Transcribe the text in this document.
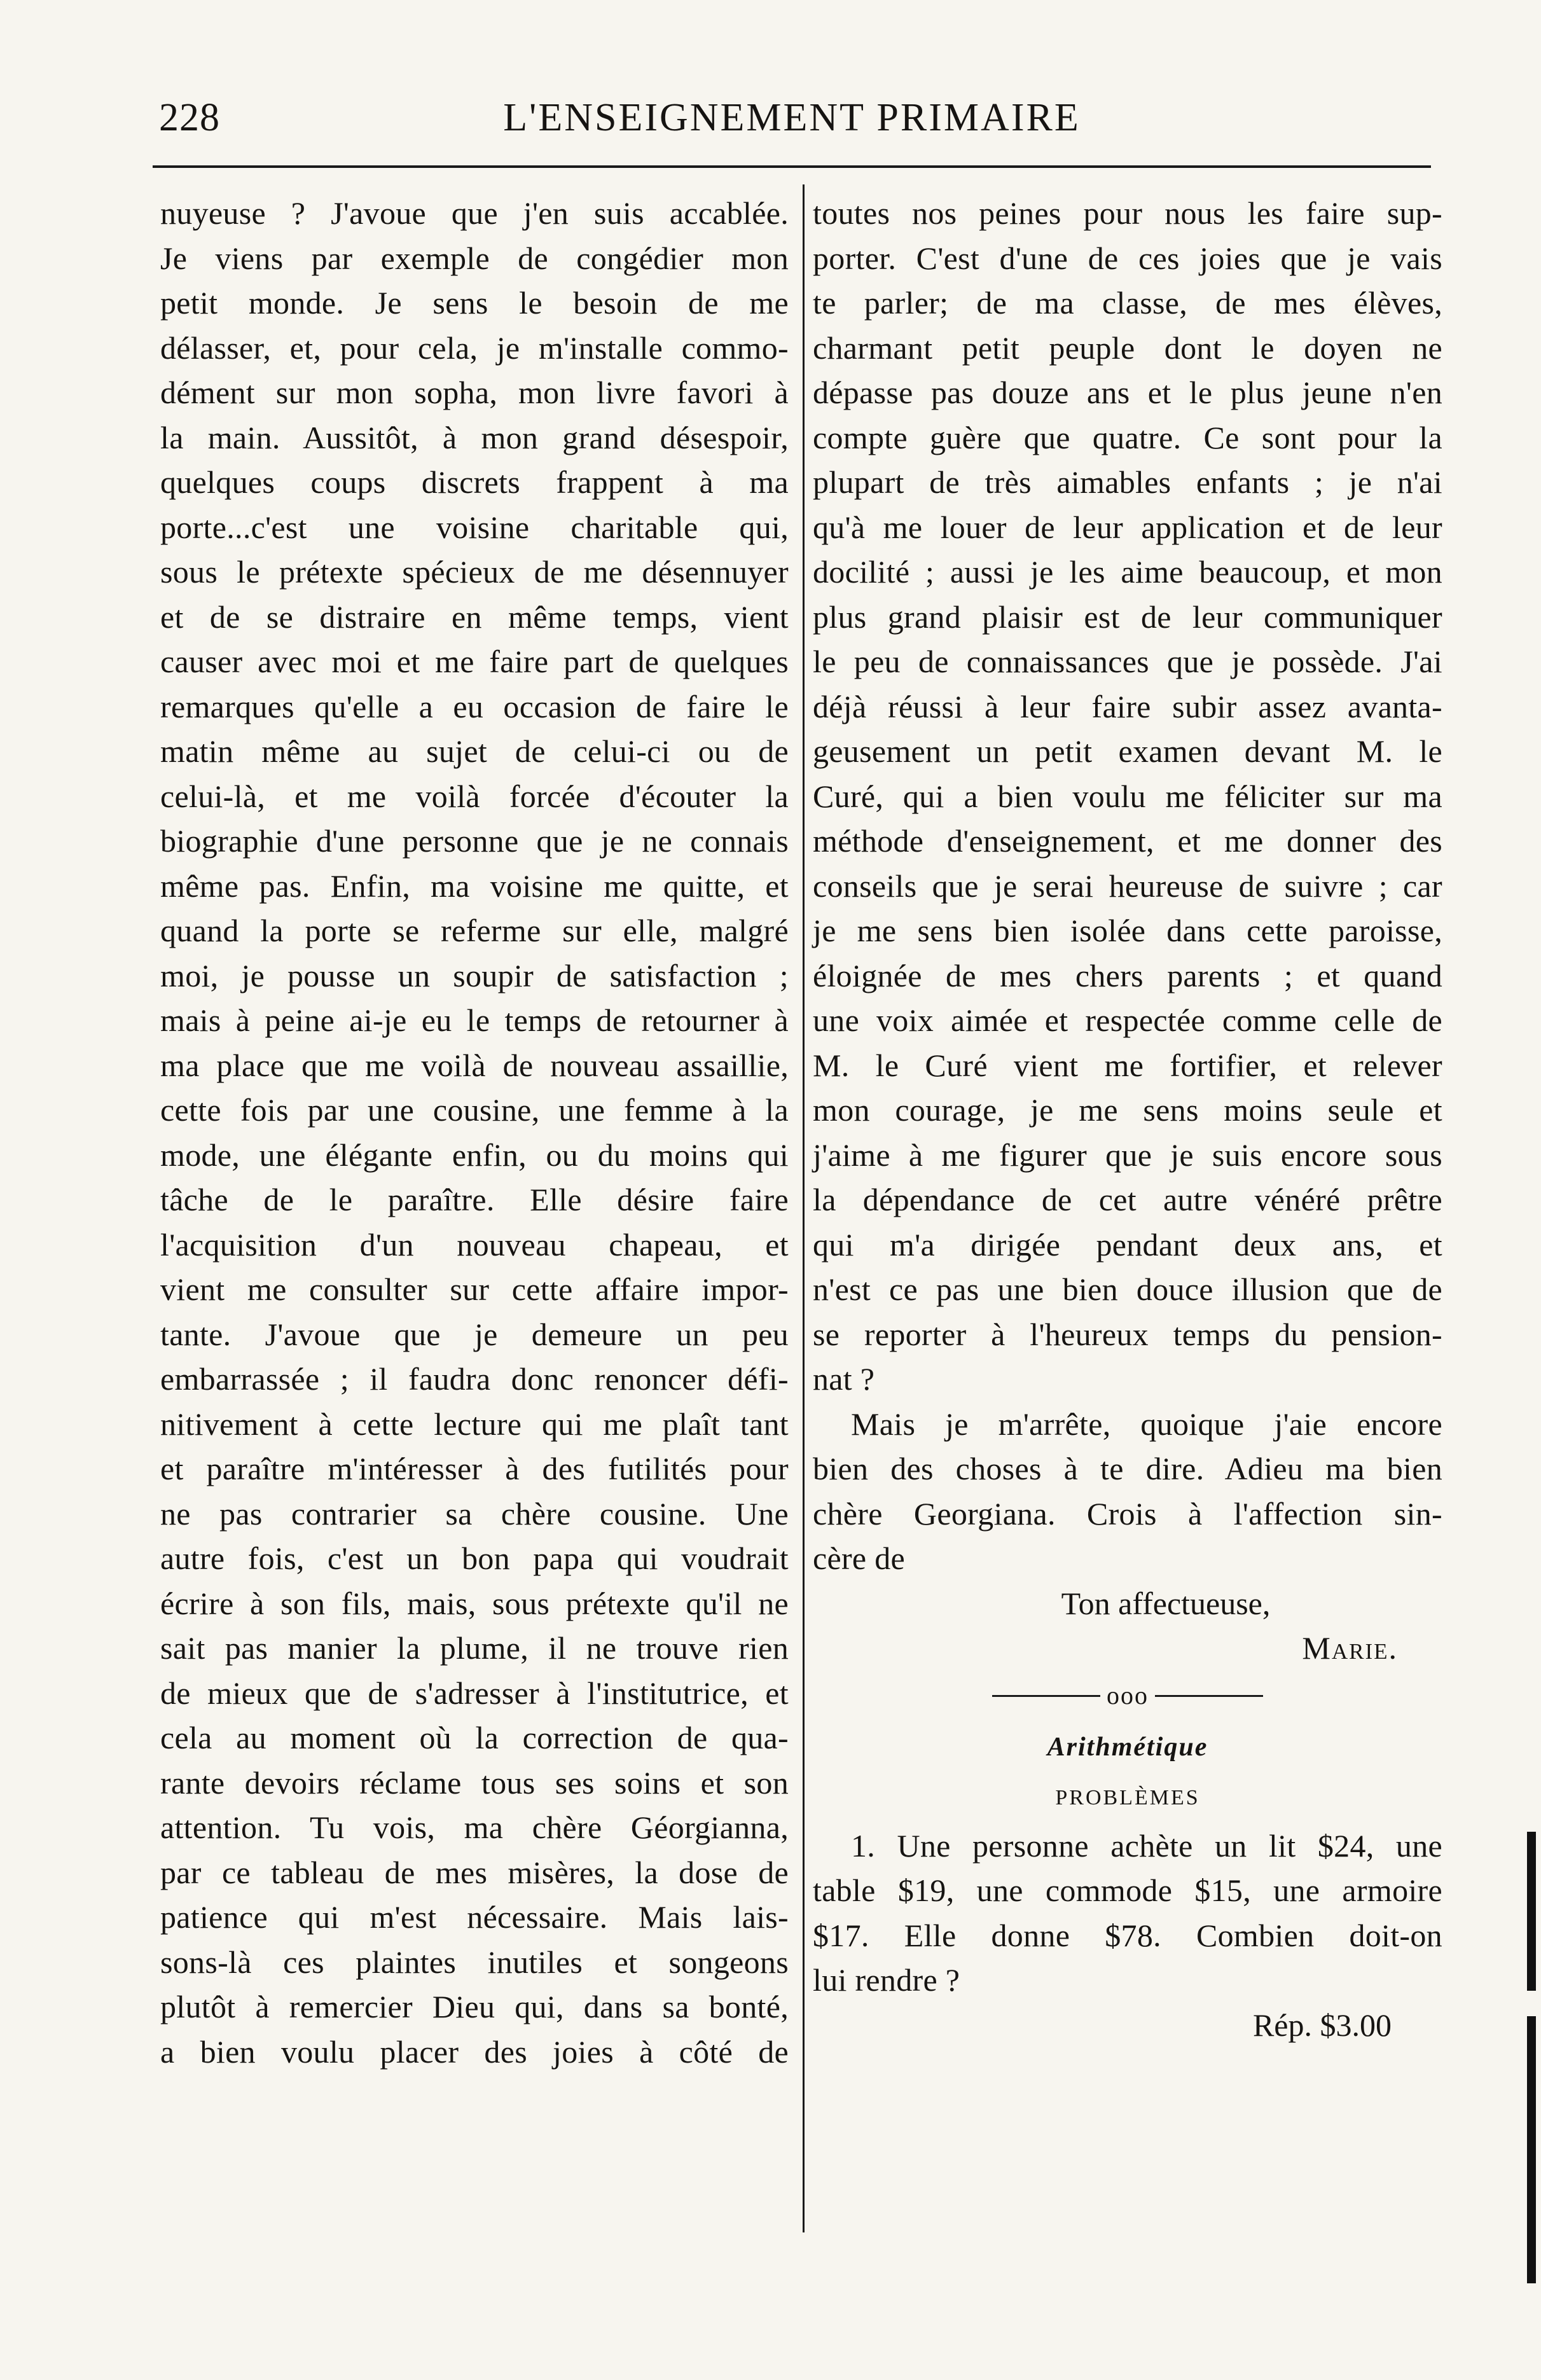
228	L'ENSEIGNEMENT PRIMAIRE
nuyeuse ? J'avoue que j'en suis accablée.
Je viens par exemple de congédier mon
petit monde. Je sens le besoin de me
délasser, et, pour cela, je m'installe commo-
dément sur mon sopha, mon livre favori à
la main. Aussitôt, à mon grand désespoir,
quelques coups discrets frappent à ma
porte...c'est une voisine charitable qui,
sous le prétexte spécieux de me désennuyer
et de se distraire en même temps, vient
causer avec moi et me faire part de quelques
remarques qu'elle a eu occasion de faire le
matin même au sujet de celui-ci ou de
celui-là, et me voilà forcée d'écouter la
biographie d'une personne que je ne connais
même pas. Enfin, ma voisine me quitte, et
quand la porte se referme sur elle, malgré
moi, je pousse un soupir de satisfaction ;
mais à peine ai-je eu le temps de retourner à
ma place que me voilà de nouveau assaillie,
cette fois par une cousine, une femme à la
mode, une élégante enfin, ou du moins qui
tâche de le paraître. Elle désire faire
l'acquisition d'un nouveau chapeau, et
vient me consulter sur cette affaire impor-
tante. J'avoue que je demeure un peu
embarrassée ; il faudra donc renoncer défi-
nitivement à cette lecture qui me plaît tant
et paraître m'intéresser à des futilités pour
ne pas contrarier sa chère cousine. Une
autre fois, c'est un bon papa qui voudrait
écrire à son fils, mais, sous prétexte qu'il ne
sait pas manier la plume, il ne trouve rien
de mieux que de s'adresser à l'institutrice, et
cela au moment où la correction de qua-
rante devoirs réclame tous ses soins et son
attention. Tu vois, ma chère Géorgianna,
par ce tableau de mes misères, la dose de
patience qui m'est nécessaire. Mais lais-
sons-là ces plaintes inutiles et songeons
plutôt à remercier Dieu qui, dans sa bonté,
a bien voulu placer des joies à côté de
toutes nos peines pour nous les faire sup-
porter. C'est d'une de ces joies que je vais
te parler; de ma classe, de mes élèves,
charmant petit peuple dont le doyen ne
dépasse pas douze ans et le plus jeune n'en
compte guère que quatre. Ce sont pour la
plupart de très aimables enfants ; je n'ai
qu'à me louer de leur application et de leur
docilité ; aussi je les aime beaucoup, et mon
plus grand plaisir est de leur communiquer
le peu de connaissances que je possède. J'ai
déjà réussi à leur faire subir assez avanta-
geusement un petit examen devant M. le
Curé, qui a bien voulu me féliciter sur ma
méthode d'enseignement, et me donner des
conseils que je serai heureuse de suivre ; car
je me sens bien isolée dans cette paroisse,
éloignée de mes chers parents ; et quand
une voix aimée et respectée comme celle de
M. le Curé vient me fortifier, et relever
mon courage, je me sens moins seule et
j'aime à me figurer que je suis encore sous
la dépendance de cet autre vénéré prêtre
qui m'a dirigée pendant deux ans, et
n'est ce pas une bien douce illusion que de
se reporter à l'heureux temps du pension-
nat ?
Mais je m'arrête, quoique j'aie encore
bien des choses à te dire. Adieu ma bien
chère Georgiana. Crois à l'affection sin-
cère de
Ton affectueuse,
Marie.
ooo
Arithmétique
PROBLÈMES
1. Une personne achète un lit $24, une
table $19, une commode $15, une armoire
$17. Elle donne $78. Combien doit-on
lui rendre ?
Rép. $3.00
